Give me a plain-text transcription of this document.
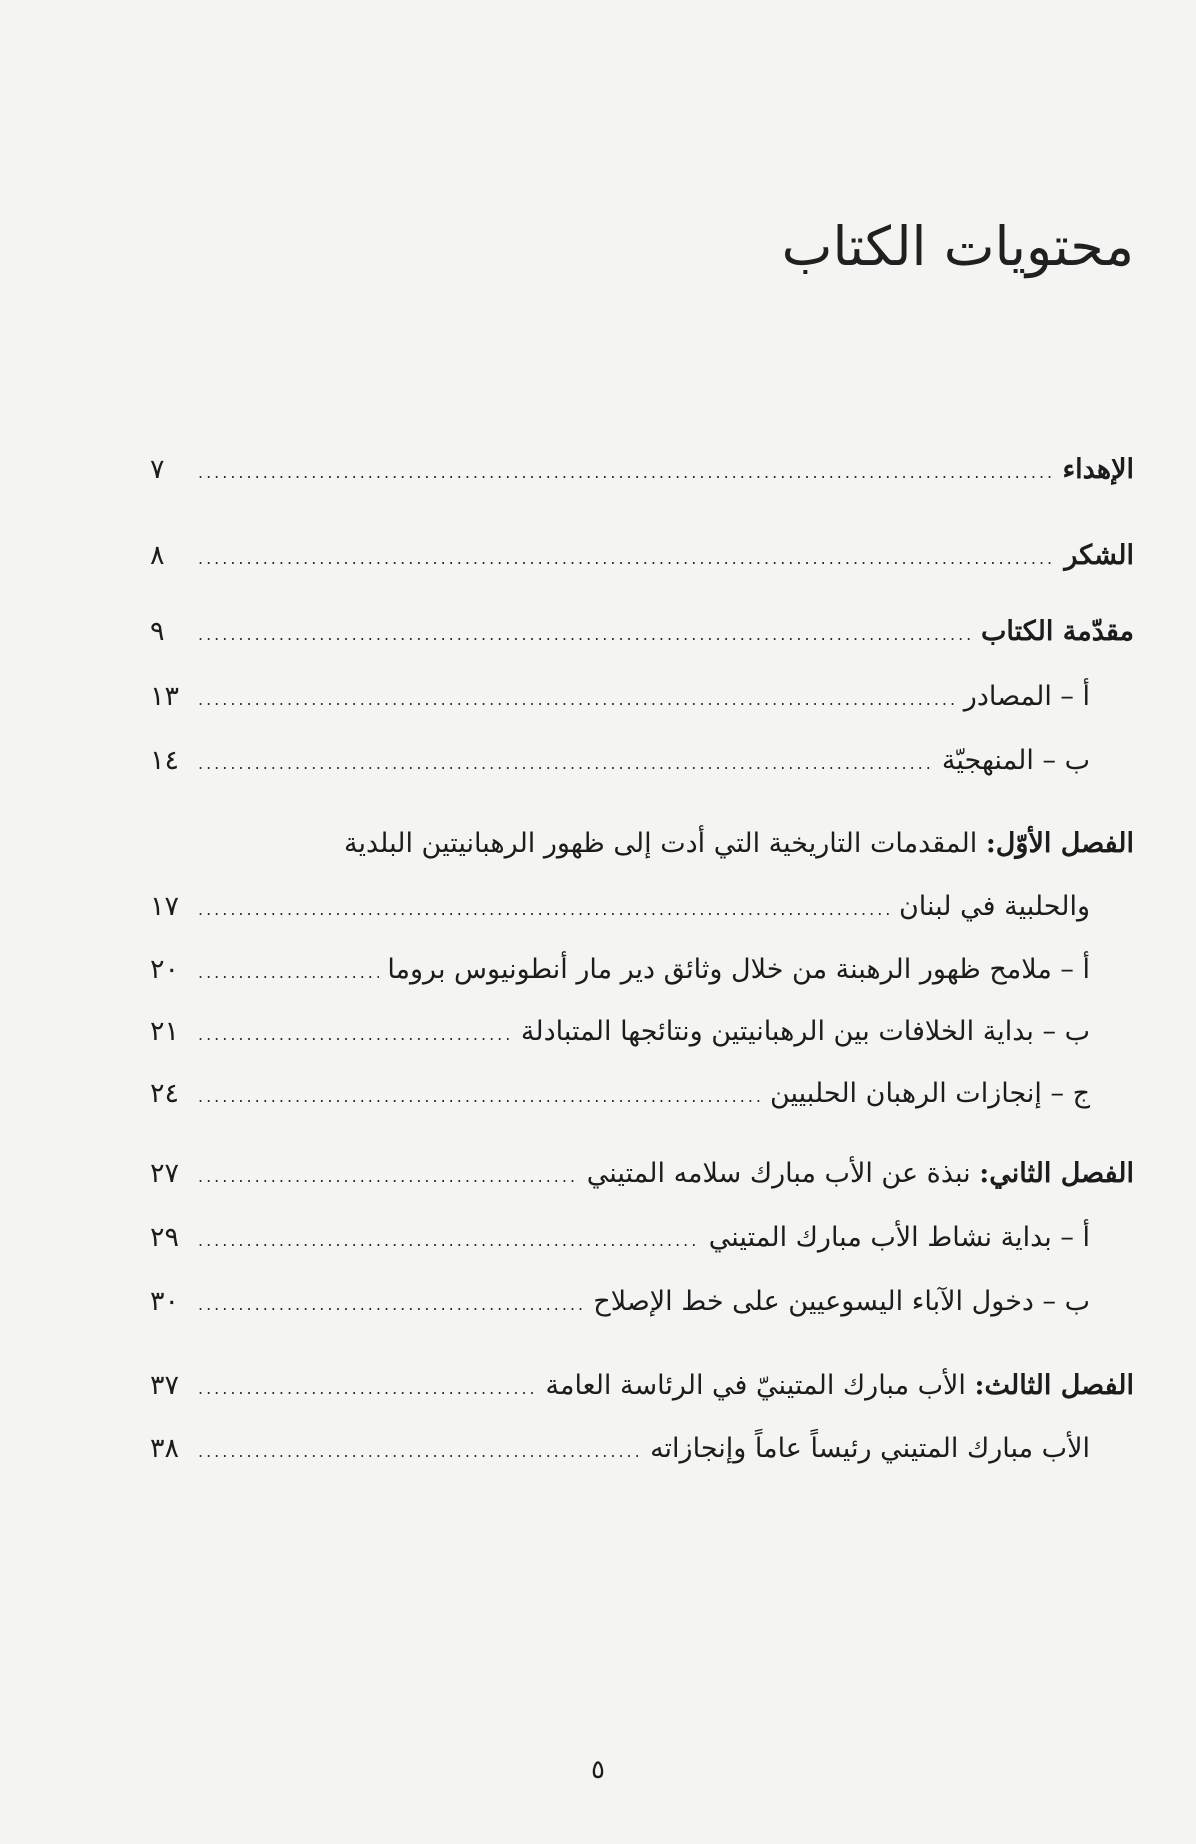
محتويات الكتاب
الإهداء
.....
٧
الشكر
.....
٨
مقدّمة الكتاب
.....
٩
أ – المصادر
.....
١٣
ب – المنهجيّة
.....
١٤
الفصل الأوّل: المقدمات التاريخية التي أدت إلى ظهور الرهبانيتين البلدية
والحلبية في لبنان
.....
١٧
أ – ملامح ظهور الرهبنة من خلال وثائق دير مار أنطونيوس بروما
.....
٢٠
ب – بداية الخلافات بين الرهبانيتين ونتائجها المتبادلة
.....
٢١
ج – إنجازات الرهبان الحلبيين
.....
٢٤
الفصل الثاني: نبذة عن الأب مبارك سلامه المتيني
.....
٢٧
أ – بداية نشاط الأب مبارك المتيني
.....
٢٩
ب – دخول الآباء اليسوعيين على خط الإصلاح
.....
٣٠
الفصل الثالث: الأب مبارك المتينيّ في الرئاسة العامة
.....
٣٧
الأب مبارك المتيني رئيساً عاماً وإنجازاته
.....
٣٨
٥
